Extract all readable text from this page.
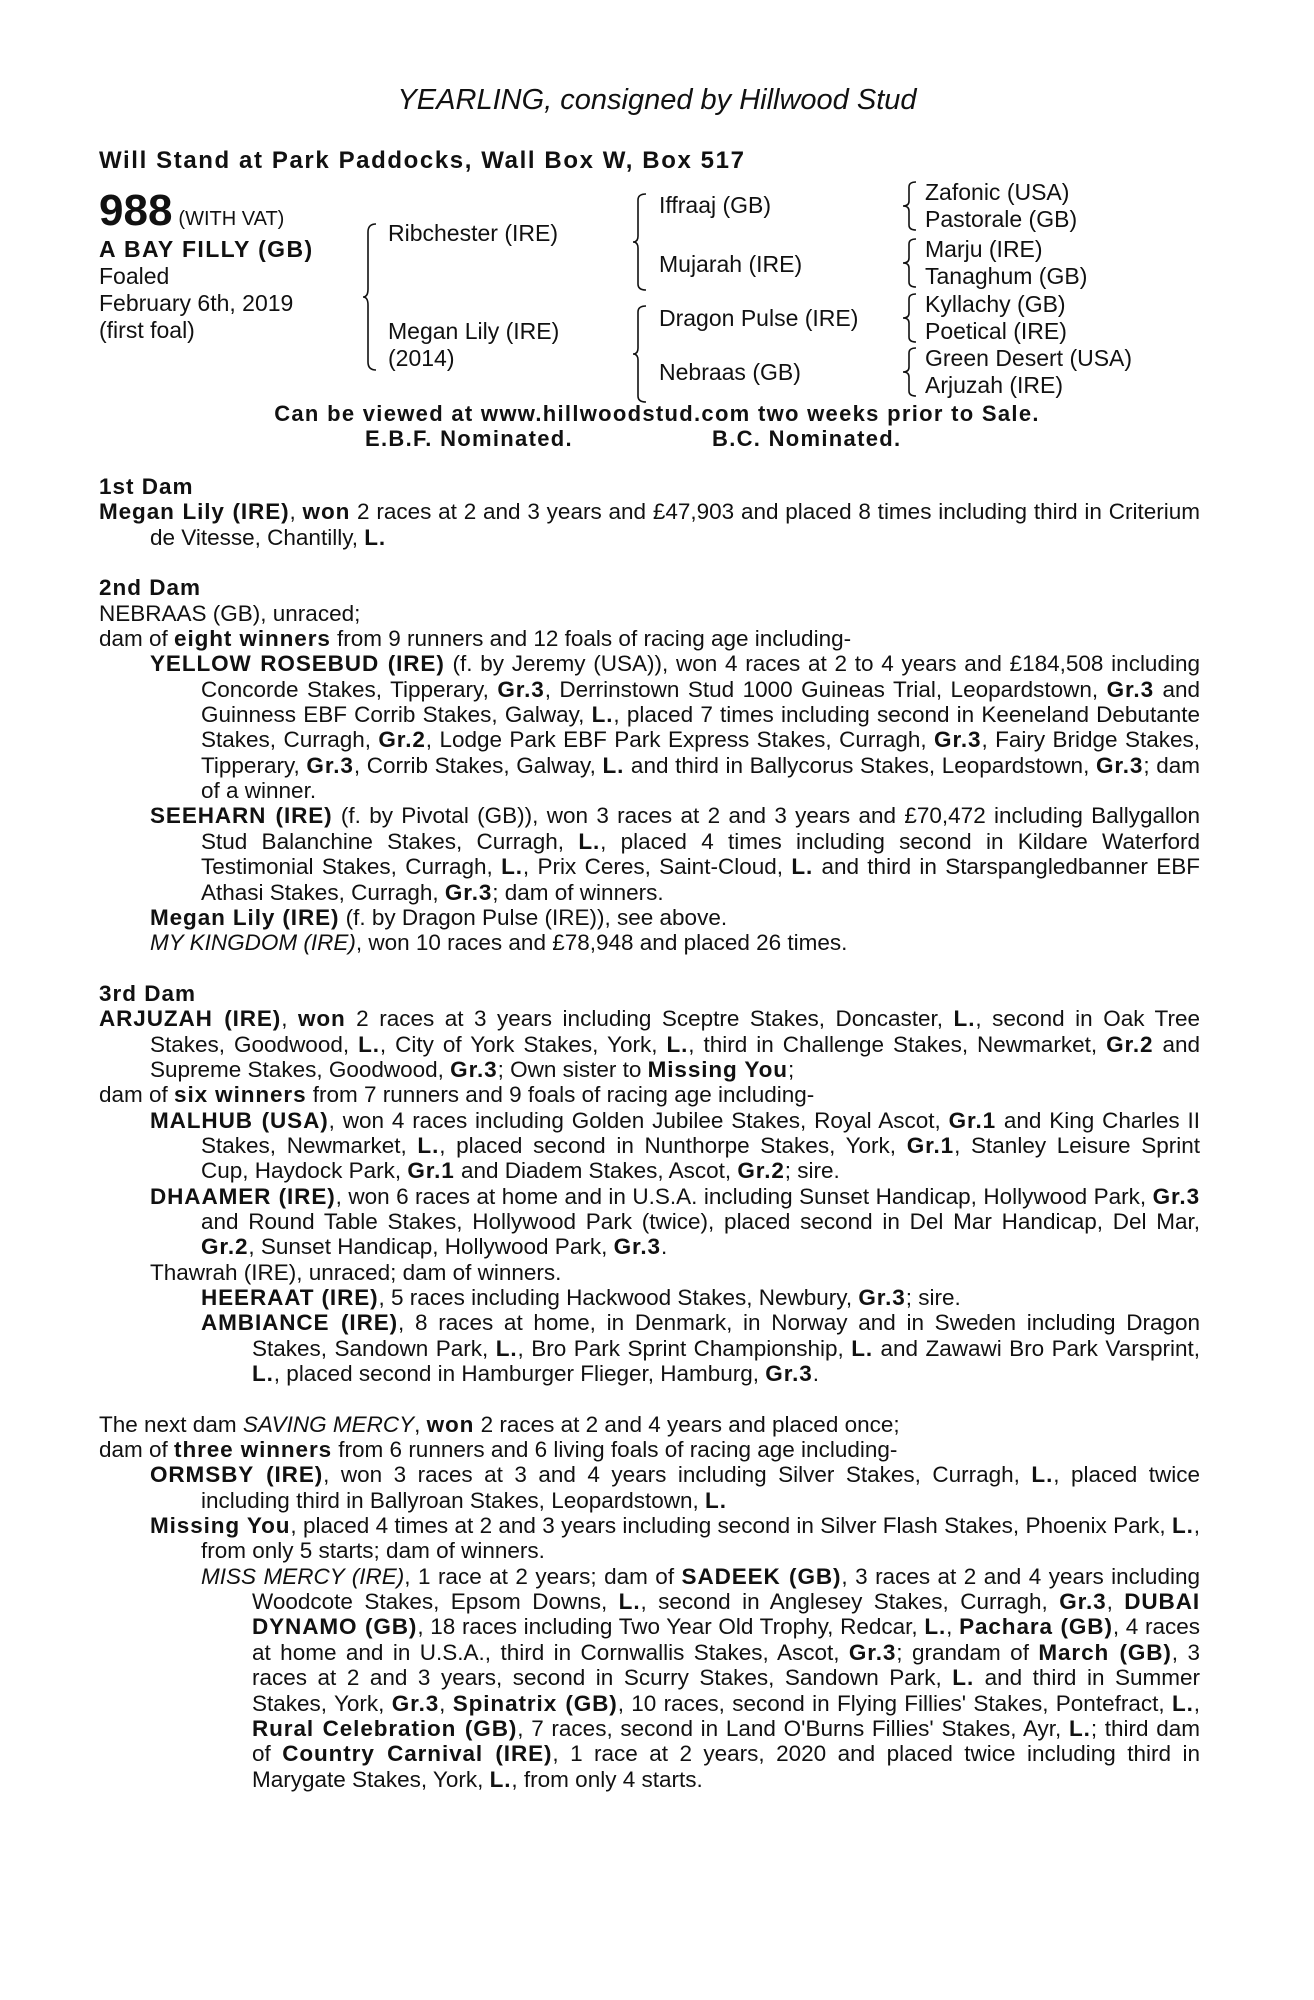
YEARLING, consigned by Hillwood Stud
Will Stand at Park Paddocks, Wall Box W, Box 517
988 (WITH VAT)
A BAY FILLY (GB)
Foaled
February 6th, 2019
(first foal)
Ribchester (IRE)
Megan Lily (IRE)
(2014)
Iffraaj (GB)
Mujarah (IRE)
Dragon Pulse (IRE)
Nebraas (GB)
Zafonic (USA)
Pastorale (GB)
Marju (IRE)
Tanaghum (GB)
Kyllachy (GB)
Poetical (IRE)
Green Desert (USA)
Arjuzah (IRE)
Can be viewed at www.hillwoodstud.com two weeks prior to Sale.
E.B.F. Nominated.	B.C. Nominated.
1st Dam
Megan Lily (IRE), won 2 races at 2 and 3 years and £47,903 and placed 8 times including third in Criterium de Vitesse, Chantilly, L.
2nd Dam
NEBRAAS (GB), unraced;
dam of eight winners from 9 runners and 12 foals of racing age including-
YELLOW ROSEBUD (IRE) (f. by Jeremy (USA)), won 4 races at 2 to 4 years and £184,508 including Concorde Stakes, Tipperary, Gr.3, Derrinstown Stud 1000 Guineas Trial, Leopardstown, Gr.3 and Guinness EBF Corrib Stakes, Galway, L., placed 7 times including second in Keeneland Debutante Stakes, Curragh, Gr.2, Lodge Park EBF Park Express Stakes, Curragh, Gr.3, Fairy Bridge Stakes, Tipperary, Gr.3, Corrib Stakes, Galway, L. and third in Ballycorus Stakes, Leopardstown, Gr.3; dam of a winner.
SEEHARN (IRE) (f. by Pivotal (GB)), won 3 races at 2 and 3 years and £70,472 including Ballygallon Stud Balanchine Stakes, Curragh, L., placed 4 times including second in Kildare Waterford Testimonial Stakes, Curragh, L., Prix Ceres, Saint-Cloud, L. and third in Starspangledbanner EBF Athasi Stakes, Curragh, Gr.3; dam of winners.
Megan Lily (IRE) (f. by Dragon Pulse (IRE)), see above.
MY KINGDOM (IRE), won 10 races and £78,948 and placed 26 times.
3rd Dam
ARJUZAH (IRE), won 2 races at 3 years including Sceptre Stakes, Doncaster, L., second in Oak Tree Stakes, Goodwood, L., City of York Stakes, York, L., third in Challenge Stakes, Newmarket, Gr.2 and Supreme Stakes, Goodwood, Gr.3; Own sister to Missing You;
dam of six winners from 7 runners and 9 foals of racing age including-
MALHUB (USA), won 4 races including Golden Jubilee Stakes, Royal Ascot, Gr.1 and King Charles II Stakes, Newmarket, L., placed second in Nunthorpe Stakes, York, Gr.1, Stanley Leisure Sprint Cup, Haydock Park, Gr.1 and Diadem Stakes, Ascot, Gr.2; sire.
DHAAMER (IRE), won 6 races at home and in U.S.A. including Sunset Handicap, Hollywood Park, Gr.3 and Round Table Stakes, Hollywood Park (twice), placed second in Del Mar Handicap, Del Mar, Gr.2, Sunset Handicap, Hollywood Park, Gr.3.
Thawrah (IRE), unraced; dam of winners.
HEERAAT (IRE), 5 races including Hackwood Stakes, Newbury, Gr.3; sire.
AMBIANCE (IRE), 8 races at home, in Denmark, in Norway and in Sweden including Dragon Stakes, Sandown Park, L., Bro Park Sprint Championship, L. and Zawawi Bro Park Varsprint, L., placed second in Hamburger Flieger, Hamburg, Gr.3.
The next dam SAVING MERCY, won 2 races at 2 and 4 years and placed once;
dam of three winners from 6 runners and 6 living foals of racing age including-
ORMSBY (IRE), won 3 races at 3 and 4 years including Silver Stakes, Curragh, L., placed twice including third in Ballyroan Stakes, Leopardstown, L.
Missing You, placed 4 times at 2 and 3 years including second in Silver Flash Stakes, Phoenix Park, L., from only 5 starts; dam of winners.
MISS MERCY (IRE), 1 race at 2 years; dam of SADEEK (GB), 3 races at 2 and 4 years including Woodcote Stakes, Epsom Downs, L., second in Anglesey Stakes, Curragh, Gr.3, DUBAI DYNAMO (GB), 18 races including Two Year Old Trophy, Redcar, L., Pachara (GB), 4 races at home and in U.S.A., third in Cornwallis Stakes, Ascot, Gr.3; grandam of March (GB), 3 races at 2 and 3 years, second in Scurry Stakes, Sandown Park, L. and third in Summer Stakes, York, Gr.3, Spinatrix (GB), 10 races, second in Flying Fillies' Stakes, Pontefract, L., Rural Celebration (GB), 7 races, second in Land O'Burns Fillies' Stakes, Ayr, L.; third dam of Country Carnival (IRE), 1 race at 2 years, 2020 and placed twice including third in Marygate Stakes, York, L., from only 4 starts.
